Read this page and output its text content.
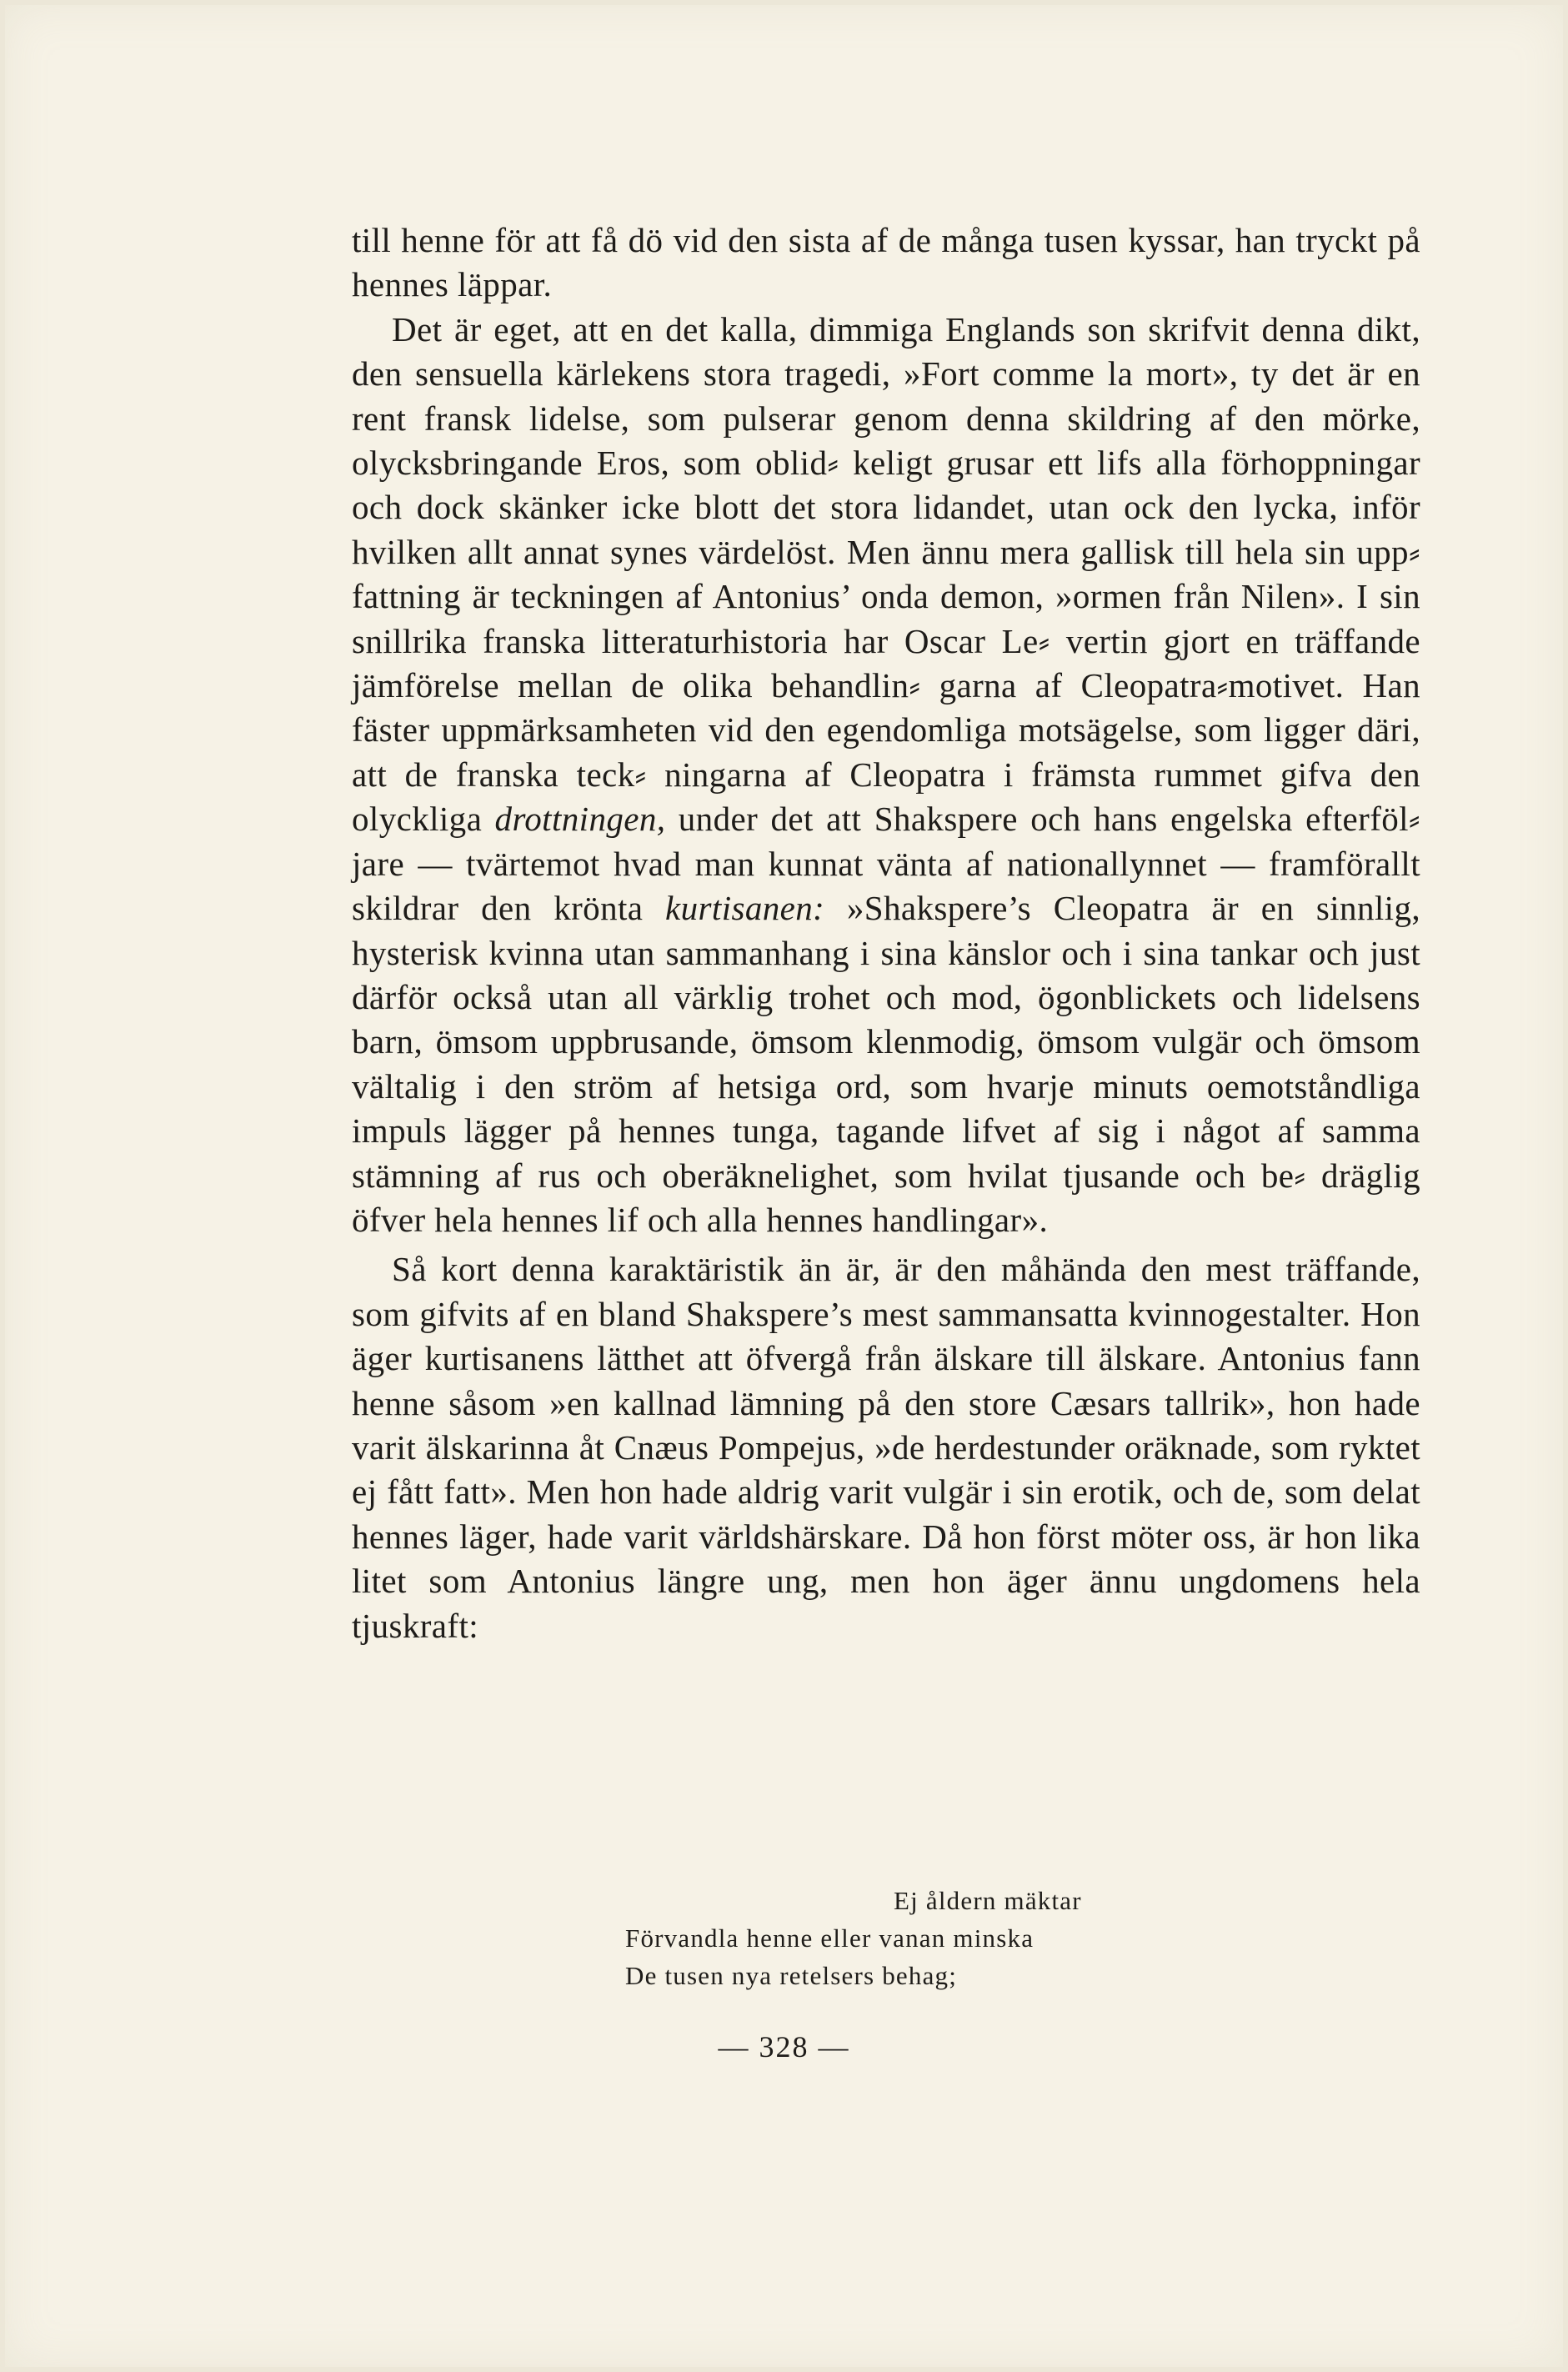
till henne för att få dö vid den sista af de många tusen kyssar, han tryckt på hennes läppar.

Det är eget, att en det kalla, dimmiga Englands son skrifvit denna dikt, den sensuella kärlekens stora tragedi, »Fort comme la mort», ty det är en rent fransk lidelse, som pulserar genom denna skildring af den mörke, olycksbringande Eros, som oblid⸗ keligt grusar ett lifs alla förhoppningar och dock skänker icke blott det stora lidandet, utan ock den lycka, inför hvilken allt annat synes värdelöst. Men ännu mera gallisk till hela sin upp⸗ fattning är teckningen af Antonius’ onda demon, »ormen från Nilen». I sin snillrika franska litteraturhistoria har Oscar Le⸗ vertin gjort en träffande jämförelse mellan de olika behandlin⸗ garna af Cleopatra⸗motivet. Han fäster uppmärksamheten vid den egendomliga motsägelse, som ligger däri, att de franska teck⸗ ningarna af Cleopatra i främsta rummet gifva den olyckliga drottningen, under det att Shakspere och hans engelska efterföl⸗ jare — tvärtemot hvad man kunnat vänta af nationallynnet — framförallt skildrar den krönta kurtisanen: »Shakspere’s Cleopatra är en sinnlig, hysterisk kvinna utan sammanhang i sina känslor och i sina tankar och just därför också utan all värklig trohet och mod, ögonblickets och lidelsens barn, ömsom uppbrusande, ömsom klenmodig, ömsom vulgär och ömsom vältalig i den ström af hetsiga ord, som hvarje minuts oemotståndliga impuls lägger på hennes tunga, tagande lifvet af sig i något af samma stämning af rus och oberäknelighet, som hvilat tjusande och be⸗ dräglig öfver hela hennes lif och alla hennes handlingar».

Så kort denna karaktäristik än är, är den måhända den mest träffande, som gifvits af en bland Shakspere’s mest sammansatta kvinnogestalter. Hon äger kurtisanens lätthet att öfvergå från älskare till älskare. Antonius fann henne såsom »en kallnad lämning på den store Cæsars tallrik», hon hade varit älskarinna åt Cnæus Pompejus, »de herdestunder oräknade, som ryktet ej fått fatt». Men hon hade aldrig varit vulgär i sin erotik, och de, som delat hennes läger, hade varit världshärskare. Då hon först möter oss, är hon lika litet som Antonius längre ung, men hon äger ännu ungdomens hela tjuskraft:

Ej åldern mäktar
Förvandla henne eller vanan minska
De tusen nya retelsers behag;
— 328 —
